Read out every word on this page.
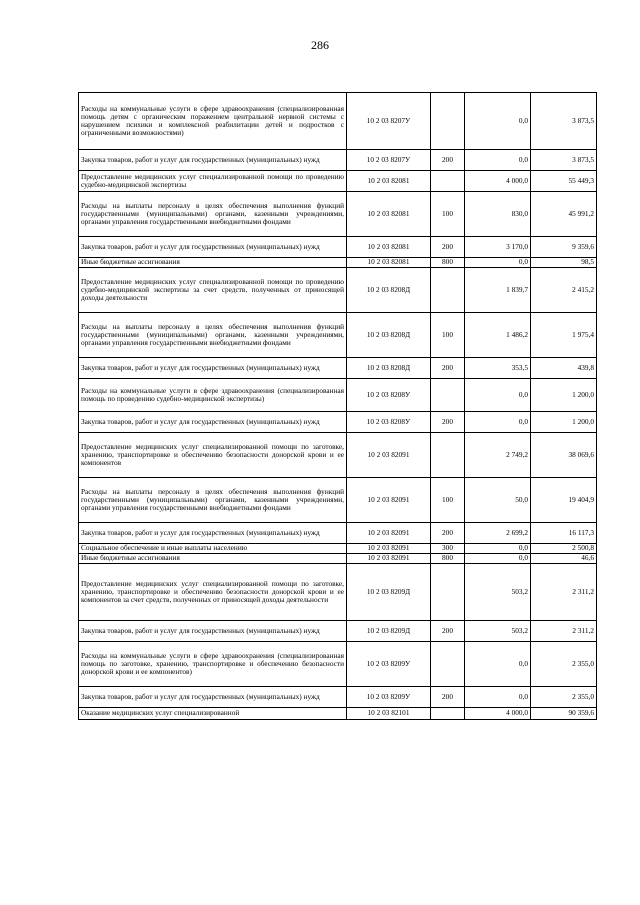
286
Расходы на коммунальные услуги в сфере здравоохранения (специализированная помощь детям с органическим поражением центральной нервной системы с нарушением психики и комплексной реабилитации детей и подростков с ограниченными возможностями)	10 2 03 8207У		0,0	3 873,5
Закупка товаров, работ и услуг для государственных (муниципальных) нужд	10 2 03 8207У	200	0,0	3 873,5
Предоставление медицинских услуг специализированной помощи по проведению судебно-медицинской экспертизы	10 2 03 82081		4 000,0	55 449,3
Расходы на выплаты персоналу в целях обеспечения выполнения функций государственными (муниципальными) органами, казенными учреждениями, органами управления государственными внебюджетными фондами	10 2 03 82081	100	830,0	45 991,2
Закупка товаров, работ и услуг для государственных (муниципальных) нужд	10 2 03 82081	200	3 170,0	9 359,6
Иные бюджетные ассигнования	10 2 03 82081	800	0,0	98,5
Предоставление медицинских услуг специализированной помощи по проведению судебно-медицинской экспертизы за счет средств, полученных от приносящей доходы деятельности	10 2 03 8208Д		1 839,7	2 415,2
Расходы на выплаты персоналу в целях обеспечения выполнения функций государственными (муниципальными) органами, казенными учреждениями, органами управления государственными внебюджетными фондами	10 2 03 8208Д	100	1 486,2	1 975,4
Закупка товаров, работ и услуг для государственных (муниципальных) нужд	10 2 03 8208Д	200	353,5	439,8
Расходы на коммунальные услуги в сфере здравоохранения (специализированная помощь по проведению судебно-медицинской экспертизы)	10 2 03 8208У		0,0	1 200,0
Закупка товаров, работ и услуг для государственных (муниципальных) нужд	10 2 03 8208У	200	0,0	1 200,0
Предоставление медицинских услуг специализированной помощи по заготовке, хранению, транспортировке и обеспечению безопасности донорской крови и ее компонентов	10 2 03 82091		2 749,2	38 069,6
Расходы на выплаты персоналу в целях обеспечения выполнения функций государственными (муниципальными) органами, казенными учреждениями, органами управления государственными внебюджетными фондами	10 2 03 82091	100	50,0	19 404,9
Закупка товаров, работ и услуг для государственных (муниципальных) нужд	10 2 03 82091	200	2 699,2	16 117,3
Социальное обеспечение и иные выплаты населению	10 2 03 82091	300	0,0	2 500,8
Иные бюджетные ассигнования	10 2 03 82091	800	0,0	46,6
Предоставление медицинских услуг специализированной помощи по заготовке, хранению, транспортировке и обеспечению безопасности донорской крови и ее компонентов за счет средств, полученных от приносящей доходы деятельности	10 2 03 8209Д		503,2	2 311,2
Закупка товаров, работ и услуг для государственных (муниципальных) нужд	10 2 03 8209Д	200	503,2	2 311,2
Расходы на коммунальные услуги в сфере здравоохранения (специализированная помощь по заготовке, хранению, транспортировке и обеспечению безопасности донорской крови и ее компонентов)	10 2 03 8209У		0,0	2 355,0
Закупка товаров, работ и услуг для государственных (муниципальных) нужд	10 2 03 8209У	200	0,0	2 355,0
Оказание медицинских услуг специализированной	10 2 03 82101		4 000,0	90 359,6
